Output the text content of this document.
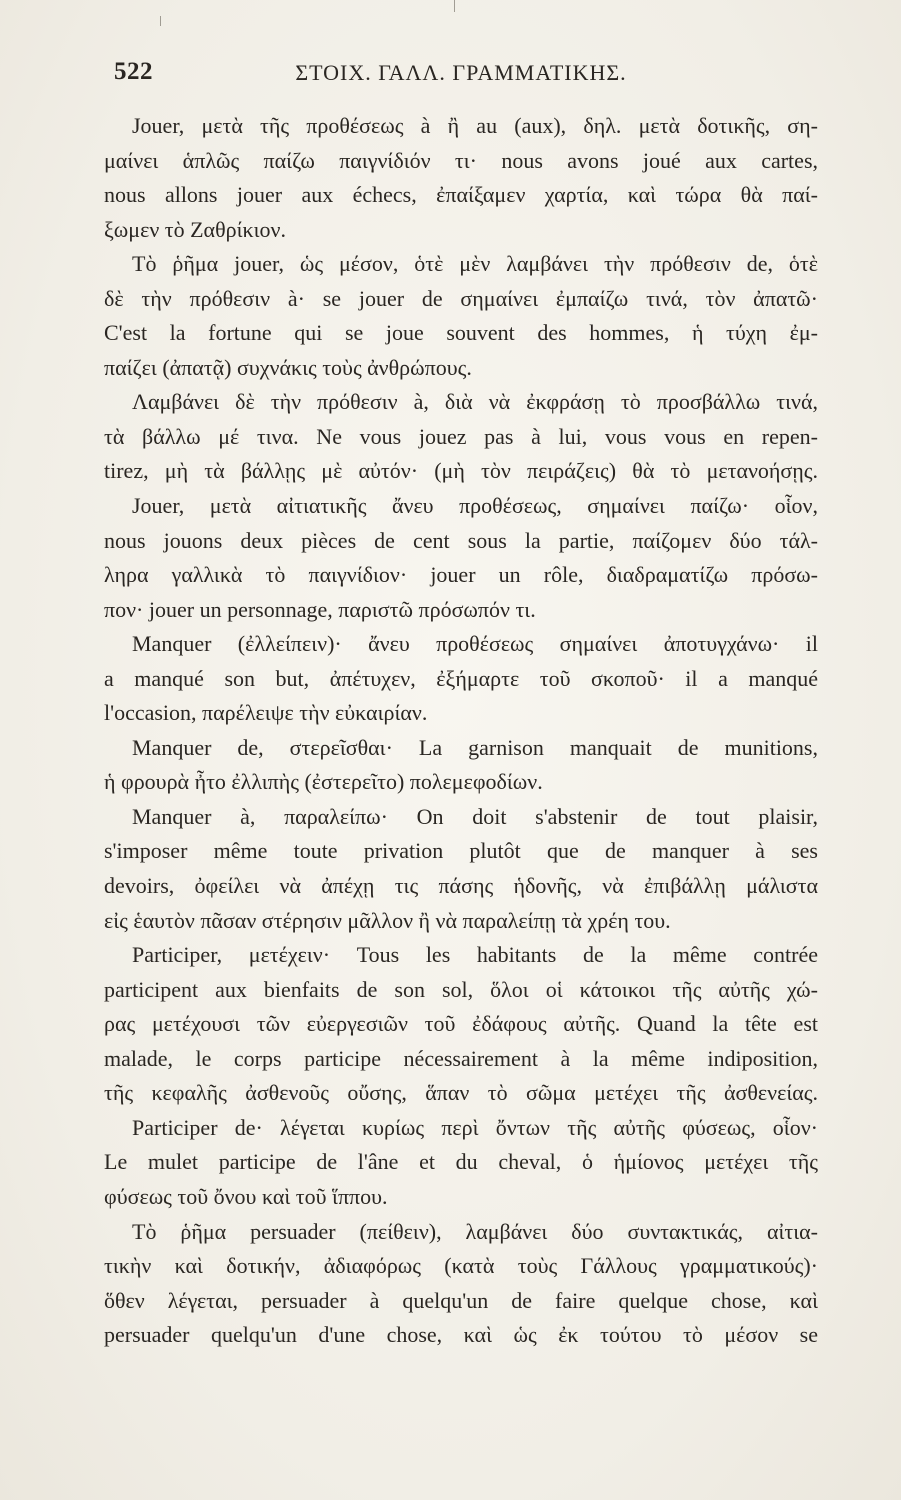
522	ΣΤΟΙΧ. ΓΑΛΛ. ΓΡΑΜΜΑΤΙΚΗΣ.
Jouer, μετὰ τῆς προθέσεως à ἢ au (aux), δηλ. μετὰ δοτικῆς, ση-
μαίνει ἁπλῶς παίζω παιγνίδιόν τι· nous avons joué aux cartes,
nous allons jouer aux échecs, ἐπαίξαμεν χαρτία, καὶ τώρα θὰ παί-
ξωμεν τὸ Ζαθρίκιον.
Τὸ ῥῆμα jouer, ὡς μέσον, ὁτὲ μὲν λαμβάνει τὴν πρόθεσιν de, ὁτὲ
δὲ τὴν πρόθεσιν à· se jouer de σημαίνει ἐμπαίζω τινά, τὸν ἀπατῶ·
C'est la fortune qui se joue souvent des hommes, ἡ τύχη ἐμ-
παίζει (ἀπατᾷ) συχνάκις τοὺς ἀνθρώπους.
Λαμβάνει δὲ τὴν πρόθεσιν à, διὰ νὰ ἐκφράσῃ τὸ προσβάλλω τινά,
τὰ βάλλω μέ τινα. Ne vous jouez pas à lui, vous vous en repen-
tirez, μὴ τὰ βάλλῃς μὲ αὐτόν· (μὴ τὸν πειράζεις) θὰ τὸ μετανοήσῃς.
Jouer, μετὰ αἰτιατικῆς ἄνευ προθέσεως, σημαίνει παίζω· οἷον,
nous jouons deux pièces de cent sous la partie, παίζομεν δύο τάλ-
ληρα γαλλικὰ τὸ παιγνίδιον· jouer un rôle, διαδραματίζω πρόσω-
πον· jouer un personnage, παριστῶ πρόσωπόν τι.
Manquer (ἐλλείπειν)· ἄνευ προθέσεως σημαίνει ἀποτυγχάνω· il
a manqué son but, ἀπέτυχεν, ἐξήμαρτε τοῦ σκοποῦ· il a manqué
l'occasion, παρέλειψε τὴν εὐκαιρίαν.
Manquer de, στερεῖσθαι· La garnison manquait de munitions,
ἡ φρουρὰ ἦτο ἐλλιπὴς (ἐστερεῖτο) πολεμεφοδίων.
Manquer à, παραλείπω· On doit s'abstenir de tout plaisir,
s'imposer même toute privation plutôt que de manquer à ses
devoirs, ὀφείλει νὰ ἀπέχῃ τις πάσης ἡδονῆς, νὰ ἐπιβάλλῃ μάλιστα
εἰς ἑαυτὸν πᾶσαν στέρησιν μᾶλλον ἢ νὰ παραλείπῃ τὰ χρέη του.
Participer, μετέχειν· Tous les habitants de la même contrée
participent aux bienfaits de son sol, ὅλοι οἱ κάτοικοι τῆς αὐτῆς χώ-
ρας μετέχουσι τῶν εὐεργεσιῶν τοῦ ἐδάφους αὐτῆς. Quand la tête est
malade, le corps participe nécessairement à la même indiposition,
τῆς κεφαλῆς ἀσθενοῦς οὔσης, ἅπαν τὸ σῶμα μετέχει τῆς ἀσθενείας.
Participer de· λέγεται κυρίως περὶ ὄντων τῆς αὐτῆς φύσεως, οἷον·
Le mulet participe de l'âne et du cheval, ὁ ἡμίονος μετέχει τῆς
φύσεως τοῦ ὄνου καὶ τοῦ ἵππου.
Τὸ ῥῆμα persuader (πείθειν), λαμβάνει δύο συντακτικάς, αἰτια-
τικὴν καὶ δοτικήν, ἀδιαφόρως (κατὰ τοὺς Γάλλους γραμματικούς)·
ὅθεν λέγεται, persuader à quelqu'un de faire quelque chose, καὶ
persuader quelqu'un d'une chose, καὶ ὡς ἐκ τούτου τὸ μέσον se
